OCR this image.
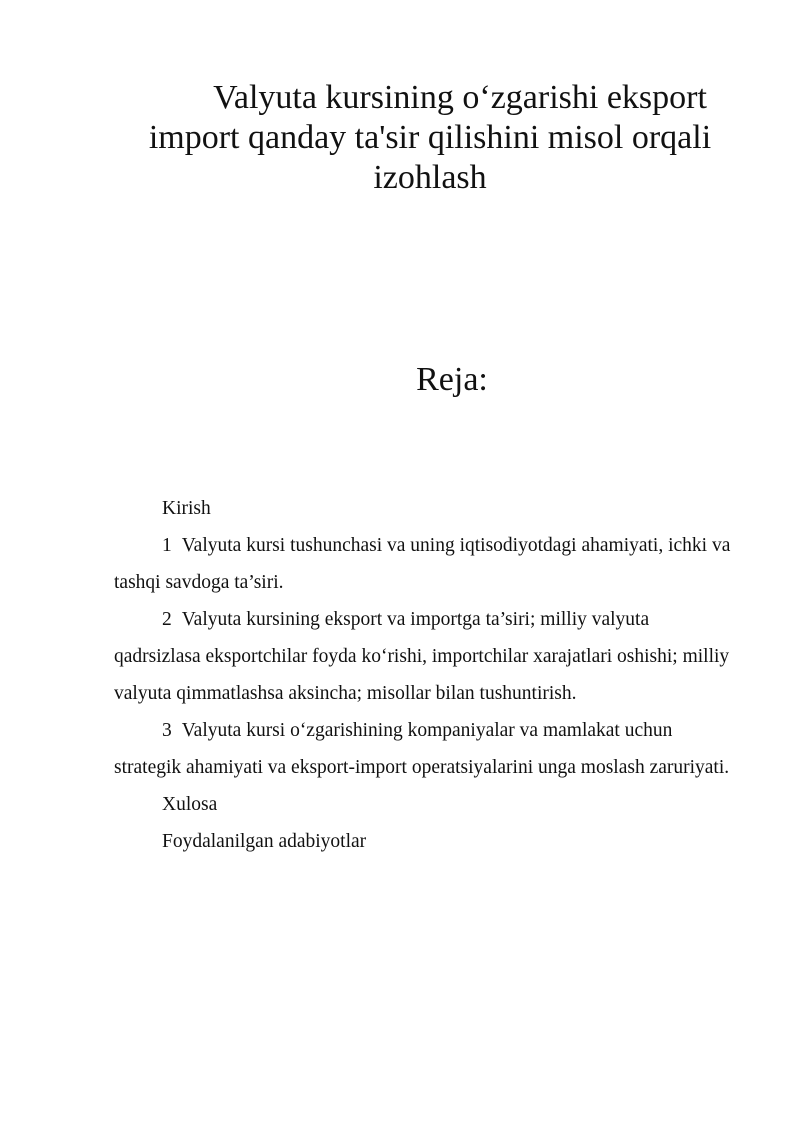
Valyuta kursining o‘zgarishi eksport import qanday ta'sir qilishini misol orqali izohlash
Reja:
Kirish
1 Valyuta kursi tushunchasi va uning iqtisodiyotdagi ahamiyati, ichki va tashqi savdoga ta’siri.
2 Valyuta kursining eksport va importga ta’siri; milliy valyuta qadrsizlasa eksportchilar foyda ko‘rishi, importchilar xarajatlari oshishi; milliy valyuta qimmatlashsa aksincha; misollar bilan tushuntirish.
3 Valyuta kursi o‘zgarishining kompaniyalar va mamlakat uchun strategik ahamiyati va eksport-import operatsiyalarini unga moslash zaruriyati.
Xulosa
Foydalanilgan adabiyotlar
